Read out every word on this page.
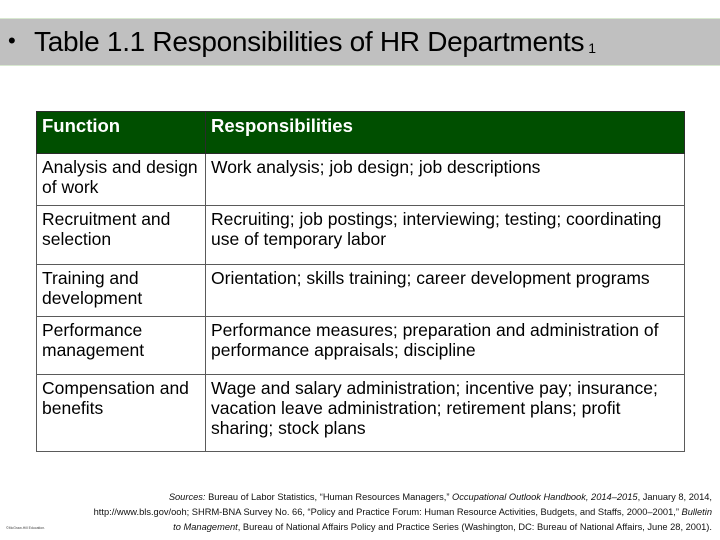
• Table 1.1 Responsibilities of HR Departments 1
Function	Responsibilities

Analysis and design of work	Work analysis; job design; job descriptions

Recruitment and selection	Recruiting; job postings; interviewing; testing; coordinating use of temporary labor

Training and development	Orientation; skills training; career development programs

Performance management	Performance measures; preparation and administration of performance appraisals; discipline

Compensation and benefits	Wage and salary administration; incentive pay; insurance; vacation leave administration; retirement plans; profit sharing; stock plans
Sources: Bureau of Labor Statistics, “Human Resources Managers,” Occupational Outlook Handbook, 2014–2015, January 8, 2014, http://www.bls.gov/ooh; SHRM-BNA Survey No. 66, “Policy and Practice Forum: Human Resource Activities, Budgets, and Staffs, 2000–2001,” Bulletin to Management, Bureau of National Affairs Policy and Practice Series (Washington, DC: Bureau of National Affairs, June 28, 2001).
©McGraw-Hill Education.
